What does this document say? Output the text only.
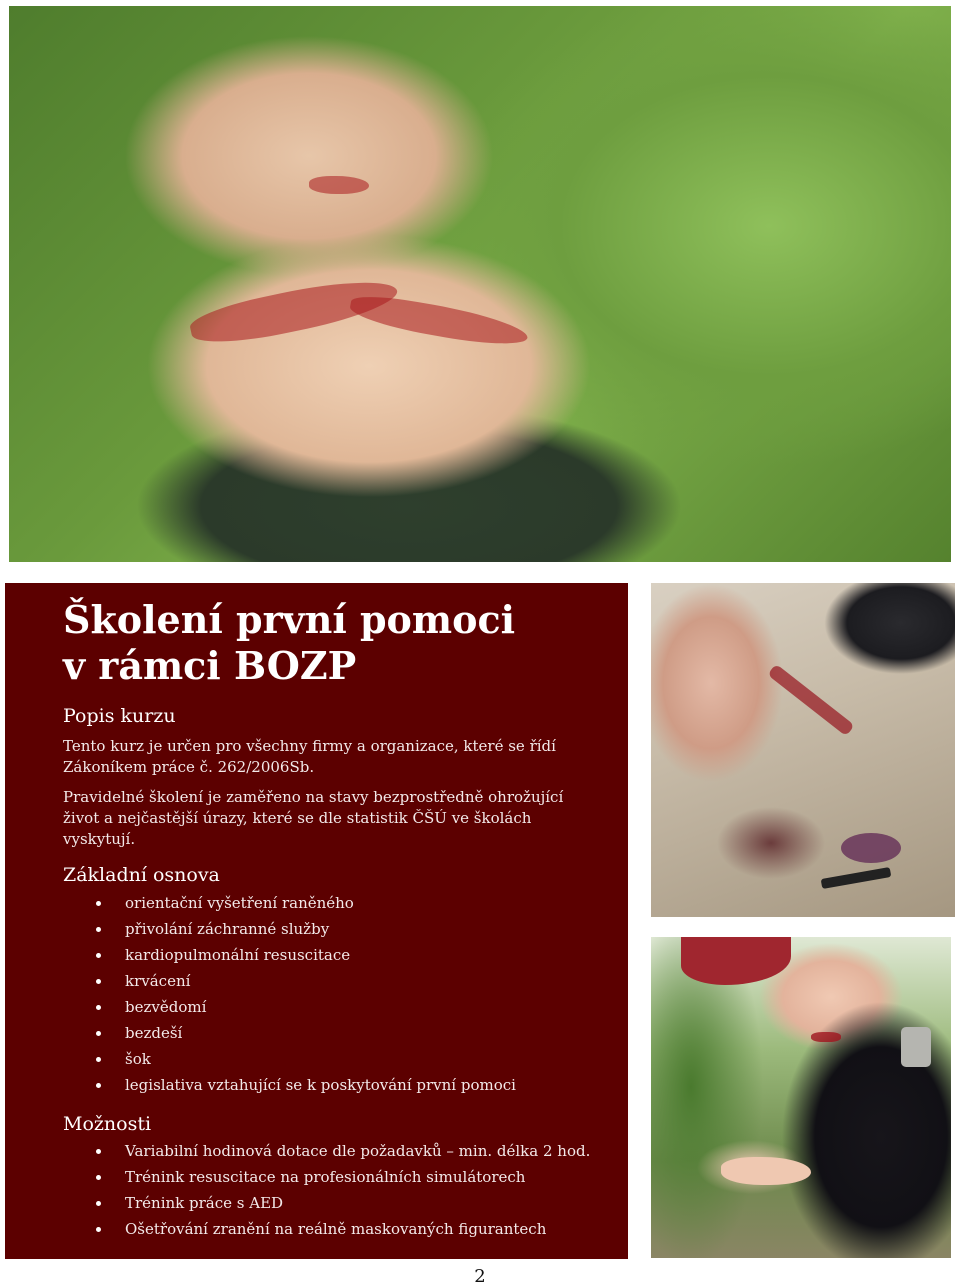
Školení první pomoci
v rámci BOZP
Popis kurzu

Tento kurz je určen pro všechny firmy a organizace, které se řídí
Zákoníkem práce č. 262/2006Sb.

Pravidelné školení je zaměřeno na stavy bezprostředně ohrožující
život a nejčastější úrazy, které se dle statistik ČŠÚ ve školách
vyskytují.

Základní osnova
orientační vyšetření raněného
přivolání záchranné služby
kardiopulmonální resuscitace
krvácení
bezvědomí
bezdeší
šok
legislativa vztahující se k poskytování první pomoci
Možnosti
Variabilní hodinová dotace dle požadavků – min. délka 2 hod.
Trénink resuscitace na profesionálních simulátorech
Trénink práce s AED
Ošetřování zranění na reálně maskovaných figurantech

2
